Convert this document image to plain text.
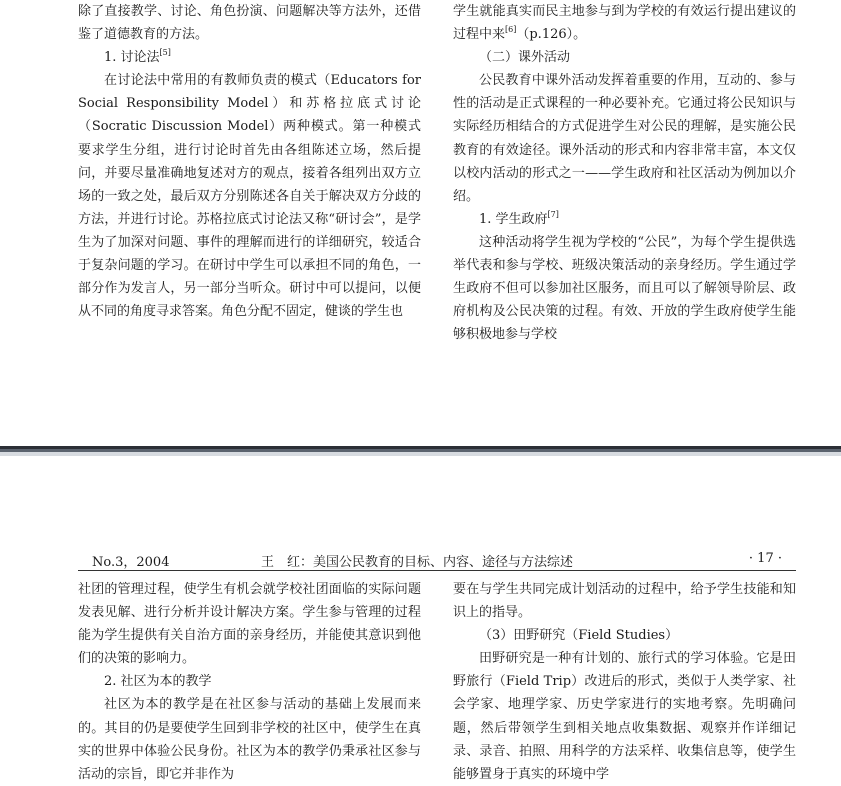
除了直接教学、讨论、角色扮演、问题解决等方法外，还借鉴了道德教育的方法。

1. 讨论法[5]

在讨论法中常用的有教师负责的模式（Educators for Social Responsibility Model）和苏格拉底式讨论（Socratic Discussion Model）两种模式。第一种模式要求学生分组，进行讨论时首先由各组陈述立场，然后提问，并要尽量准确地复述对方的观点，接着各组列出双方立场的一致之处，最后双方分别陈述各自关于解决双方分歧的方法，并进行讨论。苏格拉底式讨论法又称“研讨会”，是学生为了加深对问题、事件的理解而进行的详细研究，较适合于复杂问题的学习。在研讨中学生可以承担不同的角色，一部分作为发言人，另一部分当听众。研讨中可以提问，以便从不同的角度寻求答案。角色分配不固定，健谈的学生也

学生就能真实而民主地参与到为学校的有效运行提出建议的过程中来[6]（p.126）。

（二）课外活动

公民教育中课外活动发挥着重要的作用，互动的、参与性的活动是正式课程的一种必要补充。它通过将公民知识与实际经历相结合的方式促进学生对公民的理解，是实施公民教育的有效途径。课外活动的形式和内容非常丰富，本文仅以校内活动的形式之一——学生政府和社区活动为例加以介绍。

1. 学生政府[7]

这种活动将学生视为学校的“公民”，为每个学生提供选举代表和参与学校、班级决策活动的亲身经历。学生通过学生政府不但可以参加社区服务，而且可以了解领导阶层、政府机构及公民决策的过程。有效、开放的学生政府使学生能够积极地参与学校

No.3，2004	王　红：美国公民教育的目标、内容、途径与方法综述	· 17 ·

社团的管理过程，使学生有机会就学校社团面临的实际问题发表见解、进行分析并设计解决方案。学生参与管理的过程能为学生提供有关自治方面的亲身经历，并能使其意识到他们的决策的影响力。

2. 社区为本的教学

社区为本的教学是在社区参与活动的基础上发展而来的。其目的仍是要使学生回到非学校的社区中，使学生在真实的世界中体验公民身份。社区为本的教学仍秉承社区参与活动的宗旨，即它并非作为

要在与学生共同完成计划活动的过程中，给予学生技能和知识上的指导。

（3）田野研究（Field Studies）

田野研究是一种有计划的、旅行式的学习体验。它是田野旅行（Field Trip）改进后的形式，类似于人类学家、社会学家、地理学家、历史学家进行的实地考察。先明确问题，然后带领学生到相关地点收集数据、观察并作详细记录、录音、拍照、用科学的方法采样、收集信息等，使学生能够置身于真实的环境中学
